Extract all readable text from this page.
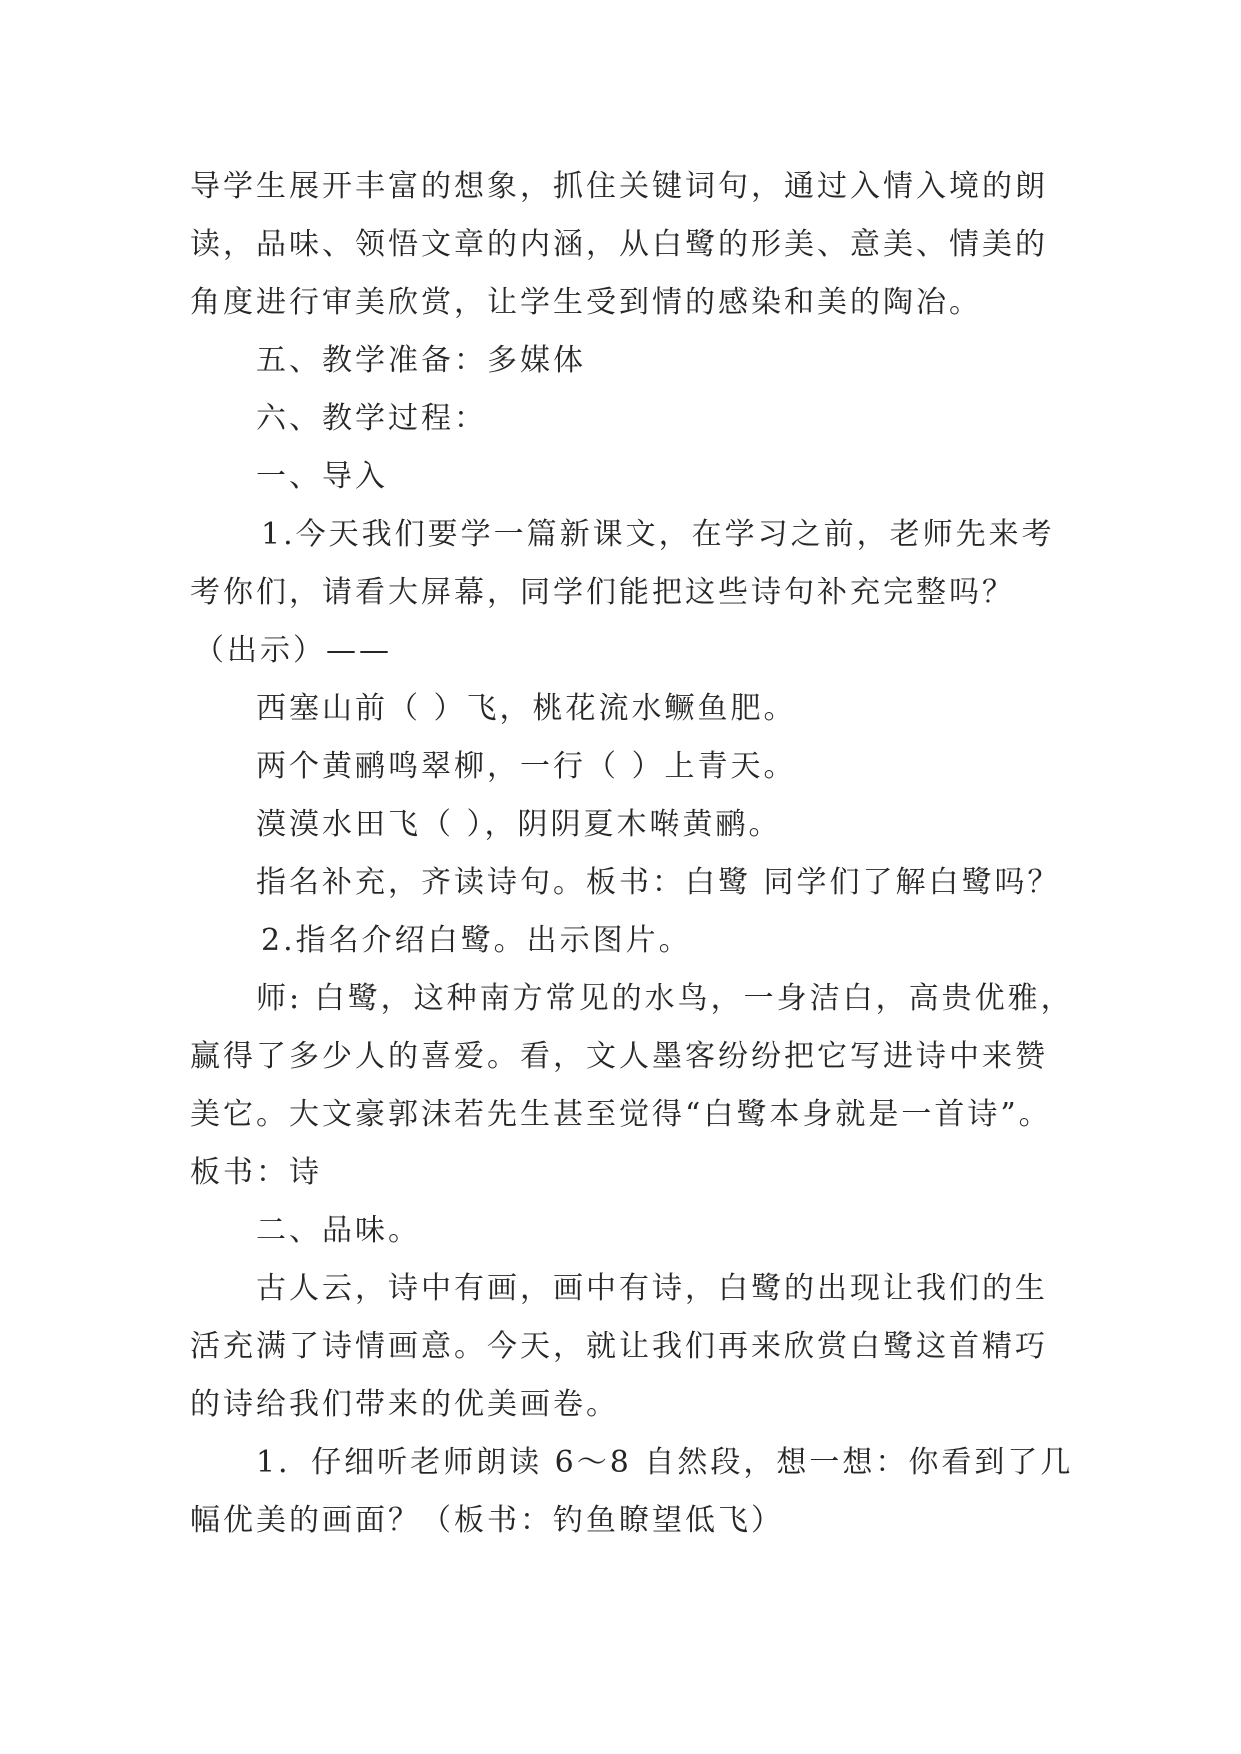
导学生展开丰富的想象，抓住关键词句，通过入情入境的朗

读，品味、领悟文章的内涵，从白鹭的形美、意美、情美的

角度进行审美欣赏，让学生受到情的感染和美的陶冶。

五、教学准备：多媒体

六、教学过程：

一、导入

1.今天我们要学一篇新课文，在学习之前，老师先来考

考你们，请看大屏幕，同学们能把这些诗句补充完整吗？

（出示）——

西塞山前（ ）飞，桃花流水鳜鱼肥。

两个黄鹂鸣翠柳，一行（ ）上青天。

漠漠水田飞（ ），阴阴夏木啭黄鹂。

指名补充，齐读诗句。板书：白鹭 同学们了解白鹭吗？

2.指名介绍白鹭。出示图片。

师: 白鹭，这种南方常见的水鸟，一身洁白，高贵优雅，

赢得了多少人的喜爱。看，文人墨客纷纷把它写进诗中来赞

美它。大文豪郭沫若先生甚至觉得“白鹭本身就是一首诗”。

板书：诗

二、品味。

古人云，诗中有画，画中有诗，白鹭的出现让我们的生

活充满了诗情画意。今天，就让我们再来欣赏白鹭这首精巧

的诗给我们带来的优美画卷。

1．仔细听老师朗读 6～8 自然段，想一想：你看到了几

幅优美的画面？（板书：钓鱼瞭望低飞）
